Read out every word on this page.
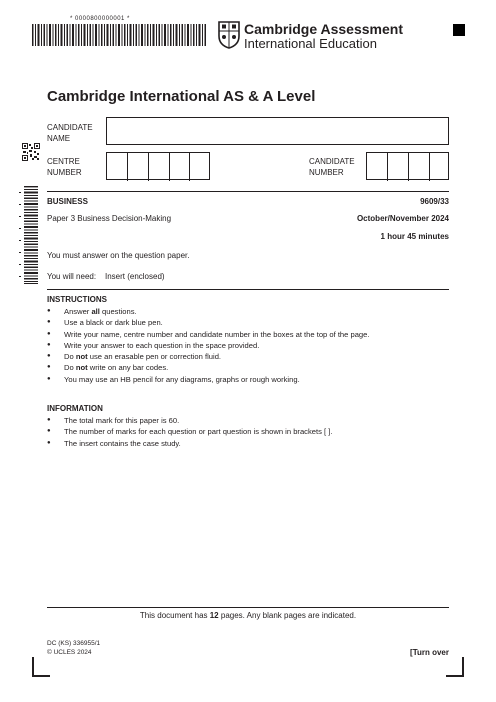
* 0000800000001 *
Cambridge Assessment
International Education
Cambridge International AS & A Level
CANDIDATE
NAME
CENTRE
NUMBER
CANDIDATE
NUMBER
BUSINESS	9609/33
Paper 3 Business Decision-Making	October/November 2024
1 hour 45 minutes
You must answer on the question paper.
You will need: Insert (enclosed)
INSTRUCTIONS
● Answer all questions.
● Use a black or dark blue pen.
● Write your name, centre number and candidate number in the boxes at the top of the page.
● Write your answer to each question in the space provided.
● Do not use an erasable pen or correction fluid.
● Do not write on any bar codes.
● You may use an HB pencil for any diagrams, graphs or rough working.
INFORMATION
● The total mark for this paper is 60.
● The number of marks for each question or part question is shown in brackets [ ].
● The insert contains the case study.
This document has 12 pages. Any blank pages are indicated.
DC (KS) 336955/1
© UCLES 2024	[Turn over
